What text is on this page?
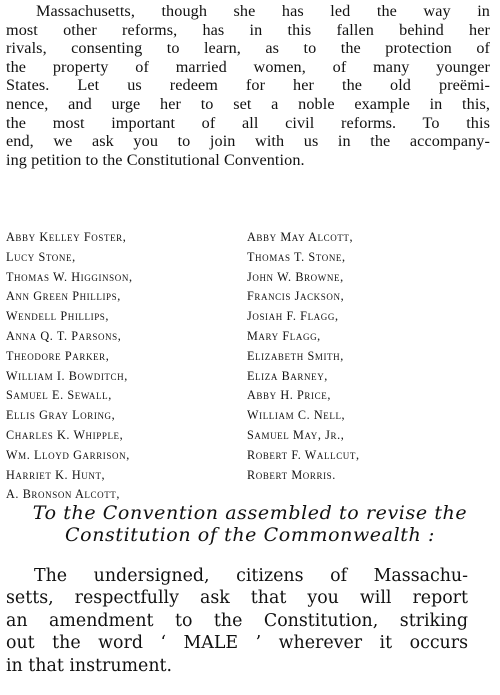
Massachusetts, though she has led the way in
most other reforms, has in this fallen behind her
rivals, consenting to learn, as to the protection of
the property of married women, of many younger
States. Let us redeem for her the old preëmi-
nence, and urge her to set a noble example in this,
the most important of all civil reforms. To this
end, we ask you to join with us in the accompany-
ing petition to the Constitutional Convention.
Abby Kelley Foster,
Lucy Stone,
Thomas W. Higginson,
Ann Green Phillips,
Wendell Phillips,
Anna Q. T. Parsons,
Theodore Parker,
William I. Bowditch,
Samuel E. Sewall,
Ellis Gray Loring,
Charles K. Whipple,
Wm. Lloyd Garrison,
Harriet K. Hunt,
A. Bronson Alcott,
Abby May Alcott,
Thomas T. Stone,
John W. Browne,
Francis Jackson,
Josiah F. Flagg,
Mary Flagg,
Elizabeth Smith,
Eliza Barney,
Abby H. Price,
William C. Nell,
Samuel May, Jr.,
Robert F. Wallcut,
Robert Morris.
To the Convention assembled to revise the
Constitution of the Commonwealth :
The undersigned, citizens of Massachu-
setts, respectfully ask that you will report
an amendment to the Constitution, striking
out the word ‘ MALE ’ wherever it occurs
in that instrument.
